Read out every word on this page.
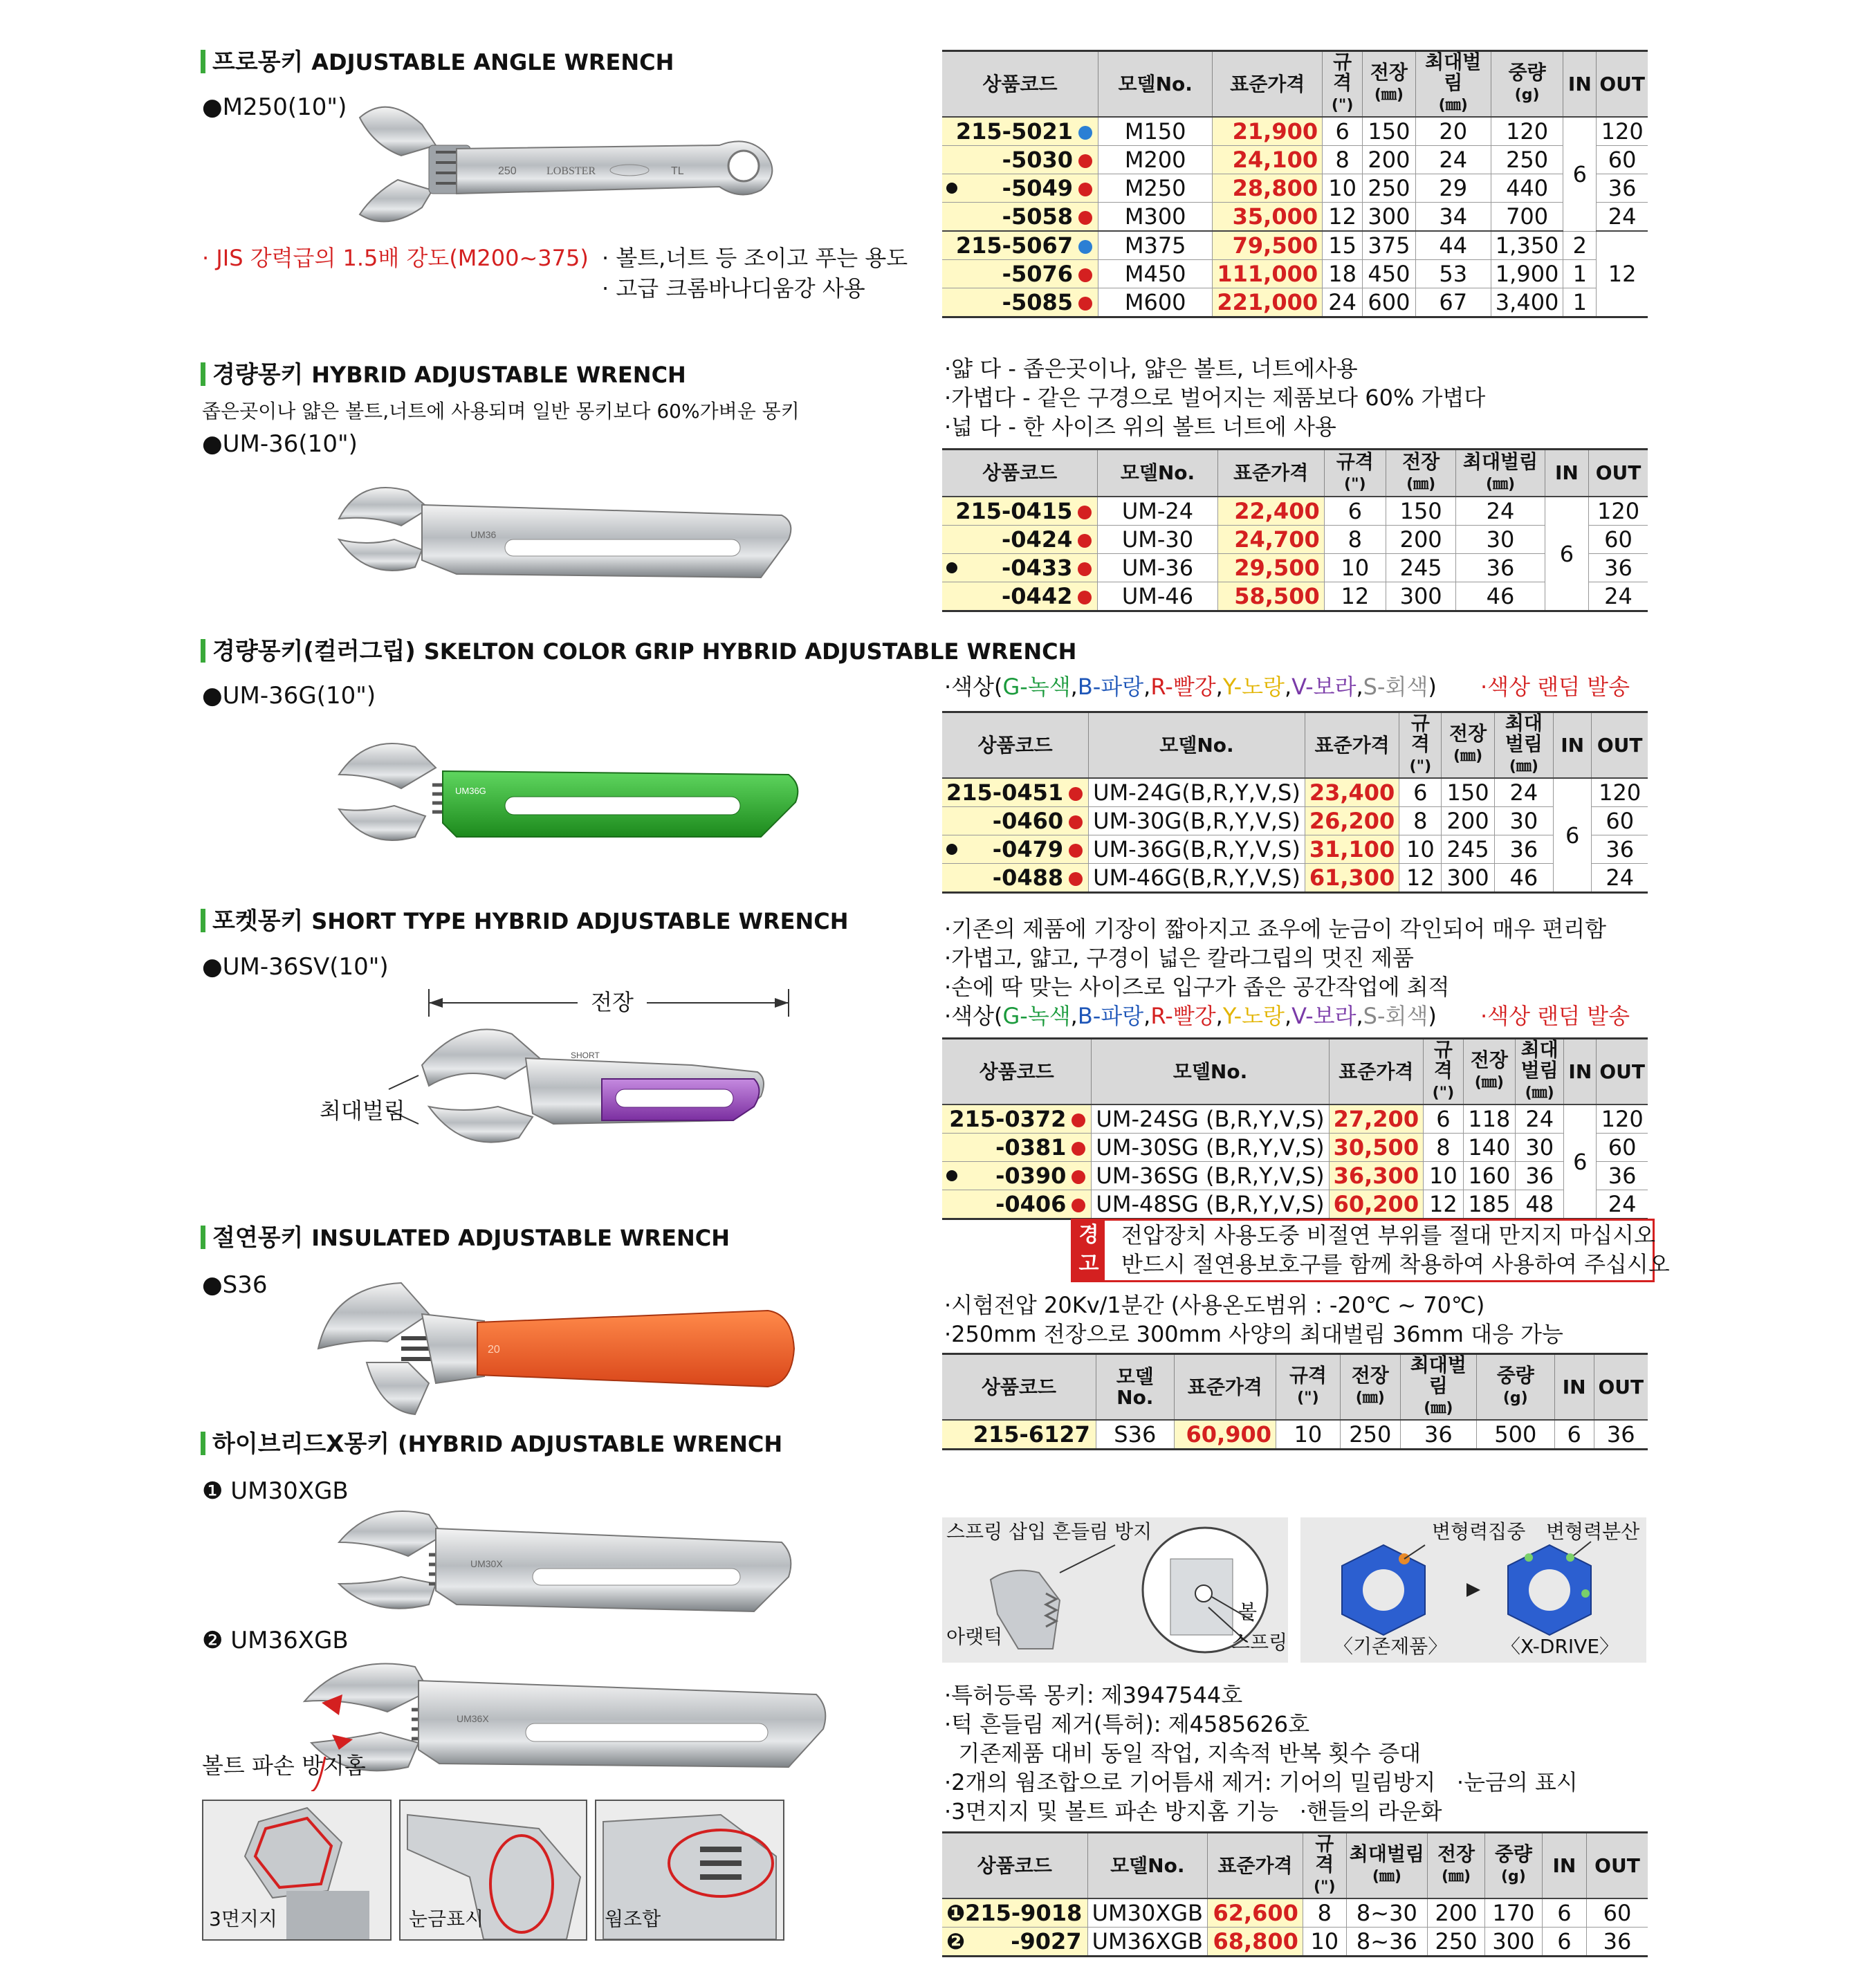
프로몽키 ADJUSTABLE ANGLE WRENCH
●M250(10")
250	LOBSTER	TL
· JIS 강력급의 1.5배 강도(M200~375) · 볼트,너트 등 조이고 푸는 용도
· 고급 크롬바나디움강 사용
상품코드	모델No.	표준가격	규격
(")	전장
(㎜)	최대벌림
(㎜)	중량
(g)	IN	OUT
215-5021	M150	21,900	6	150	20	120	6	120
-5030	M200	24,100	8	200	24	250		60

-5049	M250	28,800	10	250	29	440		36
-5058	M300	35,000	12	300	34	700		24
215-5067	M375	79,500	15	375	44	1,350	2	12
-5076	M450	111,000	18	450	53	1,900	1	
-5085	M600	221,000	24	600	67	3,400	1	
경량몽키 HYBRID ADJUSTABLE WRENCH
좁은곳이나 얇은 볼트,너트에 사용되며 일반 몽키보다 60%가벼운 몽키
●UM-36(10")
UM36
·얇 다 - 좁은곳이나, 얇은 볼트, 너트에사용
·가볍다 - 같은 구경으로 벌어지는 제품보다 60% 가볍다
·넓 다 - 한 사이즈 위의 볼트 너트에 사용
상품코드	모델No.	표준가격	규격
(")	전장
(㎜)	최대벌림
(㎜)	IN	OUT
215-0415	UM-24	22,400	6	150	24	6	120
-0424	UM-30	24,700	8	200	30		60

-0433	UM-36	29,500	10	245	36		36
-0442	UM-46	58,500	12	300	46		24
경량몽키(컬러그립) SKELTON COLOR GRIP HYBRID ADJUSTABLE WRENCH
●UM-36G(10")
UM36G
·색상(G-녹색,B-파랑,R-빨강,Y-노랑,V-보라,S-회색) ·색상 랜덤 발송
상품코드	모델No.	표준가격	규격
(")	전장
(㎜)	최대벌림
(㎜)	IN	OUT
215-0451	UM-24G(B,R,Y,V,S)	23,400	6	150	24	6	120
-0460	UM-30G(B,R,Y,V,S)	26,200	8	200	30		60

-0479	UM-36G(B,R,Y,V,S)	31,100	10	245	36		36
-0488	UM-46G(B,R,Y,V,S)	61,300	12	300	46		24
포켓몽키 SHORT TYPE HYBRID ADJUSTABLE WRENCH
●UM-36SV(10")
전장
UM36
SHORT
최대벌림
·기존의 제품에 기장이 짧아지고 죠우에 눈금이 각인되어 매우 편리함
·가볍고, 얇고, 구경이 넓은 칼라그립의 멋진 제품
·손에 딱 맞는 사이즈로 입구가 좁은 공간작업에 최적
·색상(G-녹색,B-파랑,R-빨강,Y-노랑,V-보라,S-회색) ·색상 랜덤 발송
상품코드	모델No.	표준가격	규격
(")	전장
(㎜)	최대벌림
(㎜)	IN	OUT
215-0372	UM-24SG (B,R,Y,V,S)	27,200	6	118	24	6	120
-0381	UM-30SG (B,R,Y,V,S)	30,500	8	140	30		60

-0390	UM-36SG (B,R,Y,V,S)	36,300	10	160	36		36
-0406	UM-48SG (B,R,Y,V,S)	60,200	12	185	48		24
절연몽키 INSULATED ADJUSTABLE WRENCH
●S36
20
경
고
전압장치 사용도중 비절연 부위를 절대 만지지 마십시오
반드시 절연용보호구를 함께 착용하여 사용하여 주십시오
·시험전압 20Kv/1분간 (사용온도범위 : -20℃ ~ 70℃)
·250mm 전장으로 300mm 사양의 최대벌림 36mm 대응 가능
상품코드	모델No.	표준가격	규격
(")	전장
(㎜)	최대벌림
(㎜)	중량
(g)	IN	OUT
215-6127	S36	60,900	10	250	36	500	6	36
하이브리드X몽키 (HYBRID ADJUSTABLE WRENCH
❶ UM30XGB
UM30X
❷ UM36XGB
UM36X
볼트 파손 방지홈
3면지지	눈금표시	웜조합
스프링 삽입 흔들림 방지
아랫턱
볼
스프링
변형력집중 변형력분산
〈기존제품〉	〈X-DRIVE〉
·특허등록 몽키: 제3947544호
·턱 흔들림 제거(특허): 제4585626호
기존제품 대비 동일 작업, 지속적 반복 횟수 증대
·2개의 웜조합으로 기어틈새 제거: 기어의 밀림방지   ·눈금의 표시
·3면지지 및 볼트 파손 방지홈 기능   ·핸들의 라운화
상품코드	모델No.	표준가격	규격
(")	최대벌림
(㎜)	전장
(㎜)	중량
(g)	IN	OUT

❶ 215-9018	UM30XGB	62,600	8	8~30	200	170	6	60

❷ -9027	UM36XGB	68,800	10	8~36	250	300	6	36
